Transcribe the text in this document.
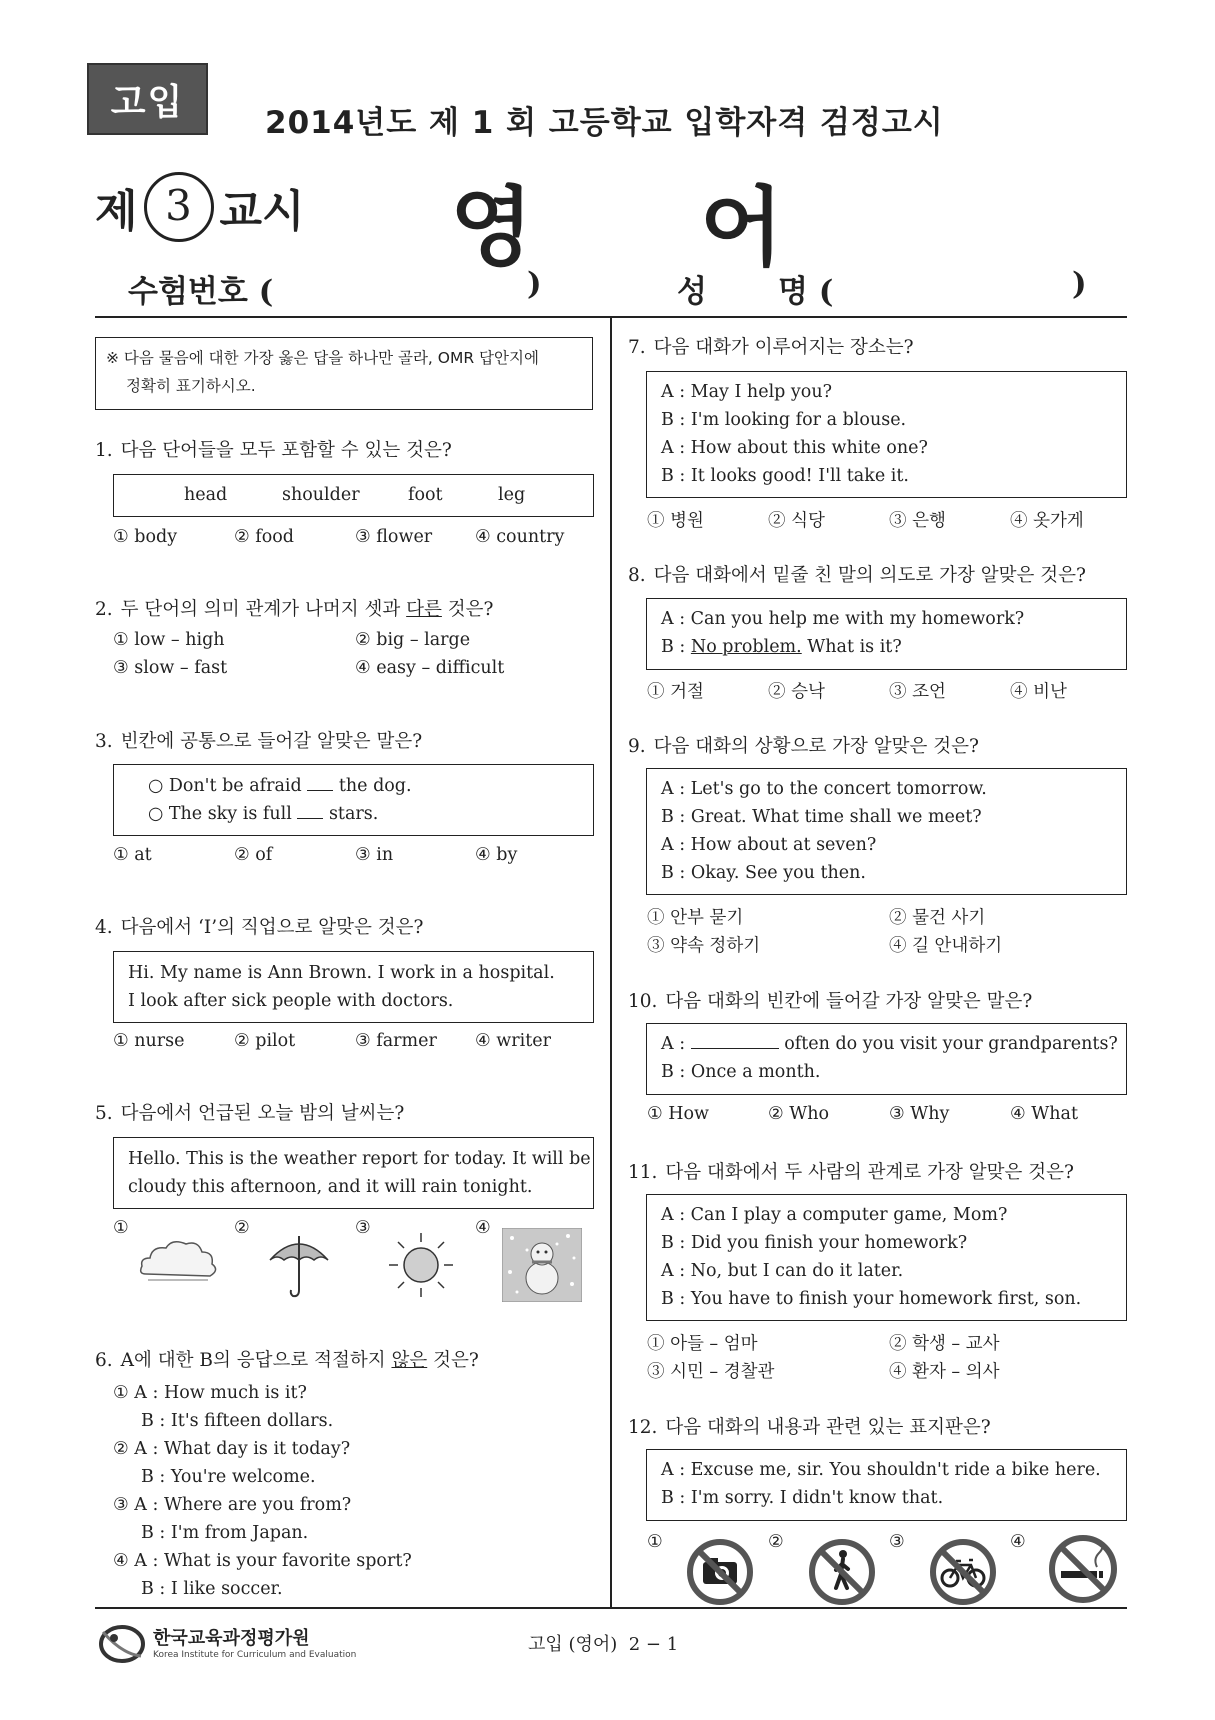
고입
2014년도 제 1 회 고등학교 입학자격 검정고시
제 3 교시 영 어
수험번호 (	)	성 명 (	)
※ 다음 물음에 대한 가장 옳은 답을 하나만 골라, OMR 답안지에
정확히 표기하시오.
1. 다음 단어들을 모두 포함할 수 있는 것은?
head	shoulder	foot	leg
① body	② food	③ flower ④ country
2. 두 단어의 의미 관계가 나머지 셋과 다른 것은?
① low – high	② big – large
③ slow – fast	④ easy – difficult
3. 빈칸에 공통으로 들어갈 알맞은 말은?
○ Don't be afraid  the dog.
○ The sky is full  stars.
① at	② of	③ in	④ by
4. 다음에서 ‘I’의 직업으로 알맞은 것은?
Hi. My name is Ann Brown. I work in a hospital.
I look after sick people with doctors.
① nurse	② pilot	③ farmer ④ writer
5. 다음에서 언급된 오늘 밤의 날씨는?
Hello. This is the weather report for today. It will be
cloudy this afternoon, and it will rain tonight.
①	②	③	④
6. A에 대한 B의 응답으로 적절하지 않은 것은?
① A : How much is it?
B : It's fifteen dollars.
② A : What day is it today?
B : You're welcome.
③ A : Where are you from?
B : I'm from Japan.
④ A : What is your favorite sport?
B : I like soccer.
7. 다음 대화가 이루어지는 장소는?
A : May I help you?
B : I'm looking for a blouse.
A : How about this white one?
B : It looks good! I'll take it.
① 병원	② 식당	③ 은행	④ 옷가게
8. 다음 대화에서 밑줄 친 말의 의도로 가장 알맞은 것은?
A : Can you help me with my homework?
B : No problem. What is it?
① 거절	② 승낙	③ 조언	④ 비난
9. 다음 대화의 상황으로 가장 알맞은 것은?
A : Let's go to the concert tomorrow.
B : Great. What time shall we meet?
A : How about at seven?
B : Okay. See you then.
① 안부 묻기	② 물건 사기
③ 약속 정하기	④ 길 안내하기
10. 다음 대화의 빈칸에 들어갈 가장 알맞은 말은?
A :	often do you visit your grandparents?
B : Once a month.
① How	② Who	③ Why	④ What
11. 다음 대화에서 두 사람의 관계로 가장 알맞은 것은?
A : Can I play a computer game, Mom?
B : Did you finish your homework?
A : No, but I can do it later.
B : You have to finish your homework first, son.
① 아들 – 엄마	② 학생 – 교사
③ 시민 – 경찰관	④ 환자 – 의사
12. 다음 대화의 내용과 관련 있는 표지판은?
A : Excuse me, sir. You shouldn't ride a bike here.
B : I'm sorry. I didn't know that.
①	②	③	④
한국교육과정평가원
Korea Institute for Curriculum and Evaluation	고입 (영어)  2 − 1
